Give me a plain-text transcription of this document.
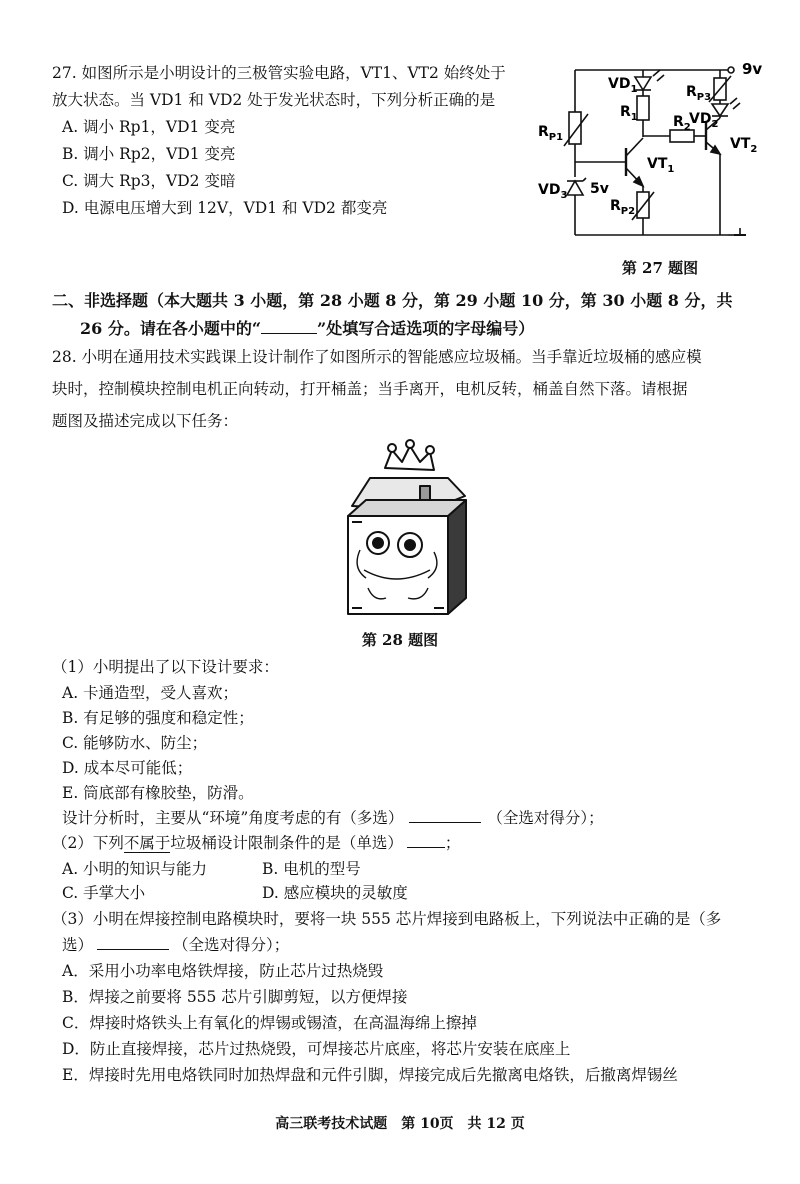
27. 如图所示是小明设计的三极管实验电路，VT1、VT2 始终处于
放大状态。当 VD1 和 VD2 处于发光状态时，下列分析正确的是
A. 调小 Rp1，VD1 变亮
B. 调小 Rp2，VD1 变亮
C. 调大 Rp3，VD2 变暗
D. 电源电压增大到 12V，VD1 和 VD2 都变亮
9v
$VD_1$
$R_1$
$R_{P3}$
$VD_2$
$R_2$
$R_{P1}$
$VT_1$
$VT_2$
$VD_3$ 5v
$R_{P2}$
第 27 题图
二、非选择题（本大题共 3 小题，第 28 小题 8 分，第 29 小题 10 分，第 30 小题 8 分，共
26 分。请在各小题中的“	”处填写合适选项的字母编号）
28. 小明在通用技术实践课上设计制作了如图所示的智能感应垃圾桶。当手靠近垃圾桶的感应模
块时，控制模块控制电机正向转动，打开桶盖；当手离开，电机反转，桶盖自然下落。请根据
题图及描述完成以下任务：
第 28 题图
（1）小明提出了以下设计要求：
A. 卡通造型，受人喜欢；
B. 有足够的强度和稳定性；
C. 能够防水、防尘；
D. 成本尽可能低；
E. 筒底部有橡胶垫，防滑。
设计分析时，主要从“环境”角度考虑的有（多选）	（全选对得分）；
（2）下列不属于垃圾桶设计限制条件的是（单选）	；
A. 小明的知识与能力	B. 电机的型号
C. 手掌大小	D. 感应模块的灵敏度
（3）小明在焊接控制电路模块时，要将一块 555 芯片焊接到电路板上，下列说法中正确的是（多
选）	（全选对得分）；
A．采用小功率电烙铁焊接，防止芯片过热烧毁
B．焊接之前要将 555 芯片引脚剪短，以方便焊接
C．焊接时烙铁头上有氧化的焊锡或锡渣，在高温海绵上擦掉
D．防止直接焊接，芯片过热烧毁，可焊接芯片底座，将芯片安装在底座上
E．焊接时先用电烙铁同时加热焊盘和元件引脚，焊接完成后先撤离电烙铁，后撤离焊锡丝
高三联考技术试题　第 10页　共 12 页
